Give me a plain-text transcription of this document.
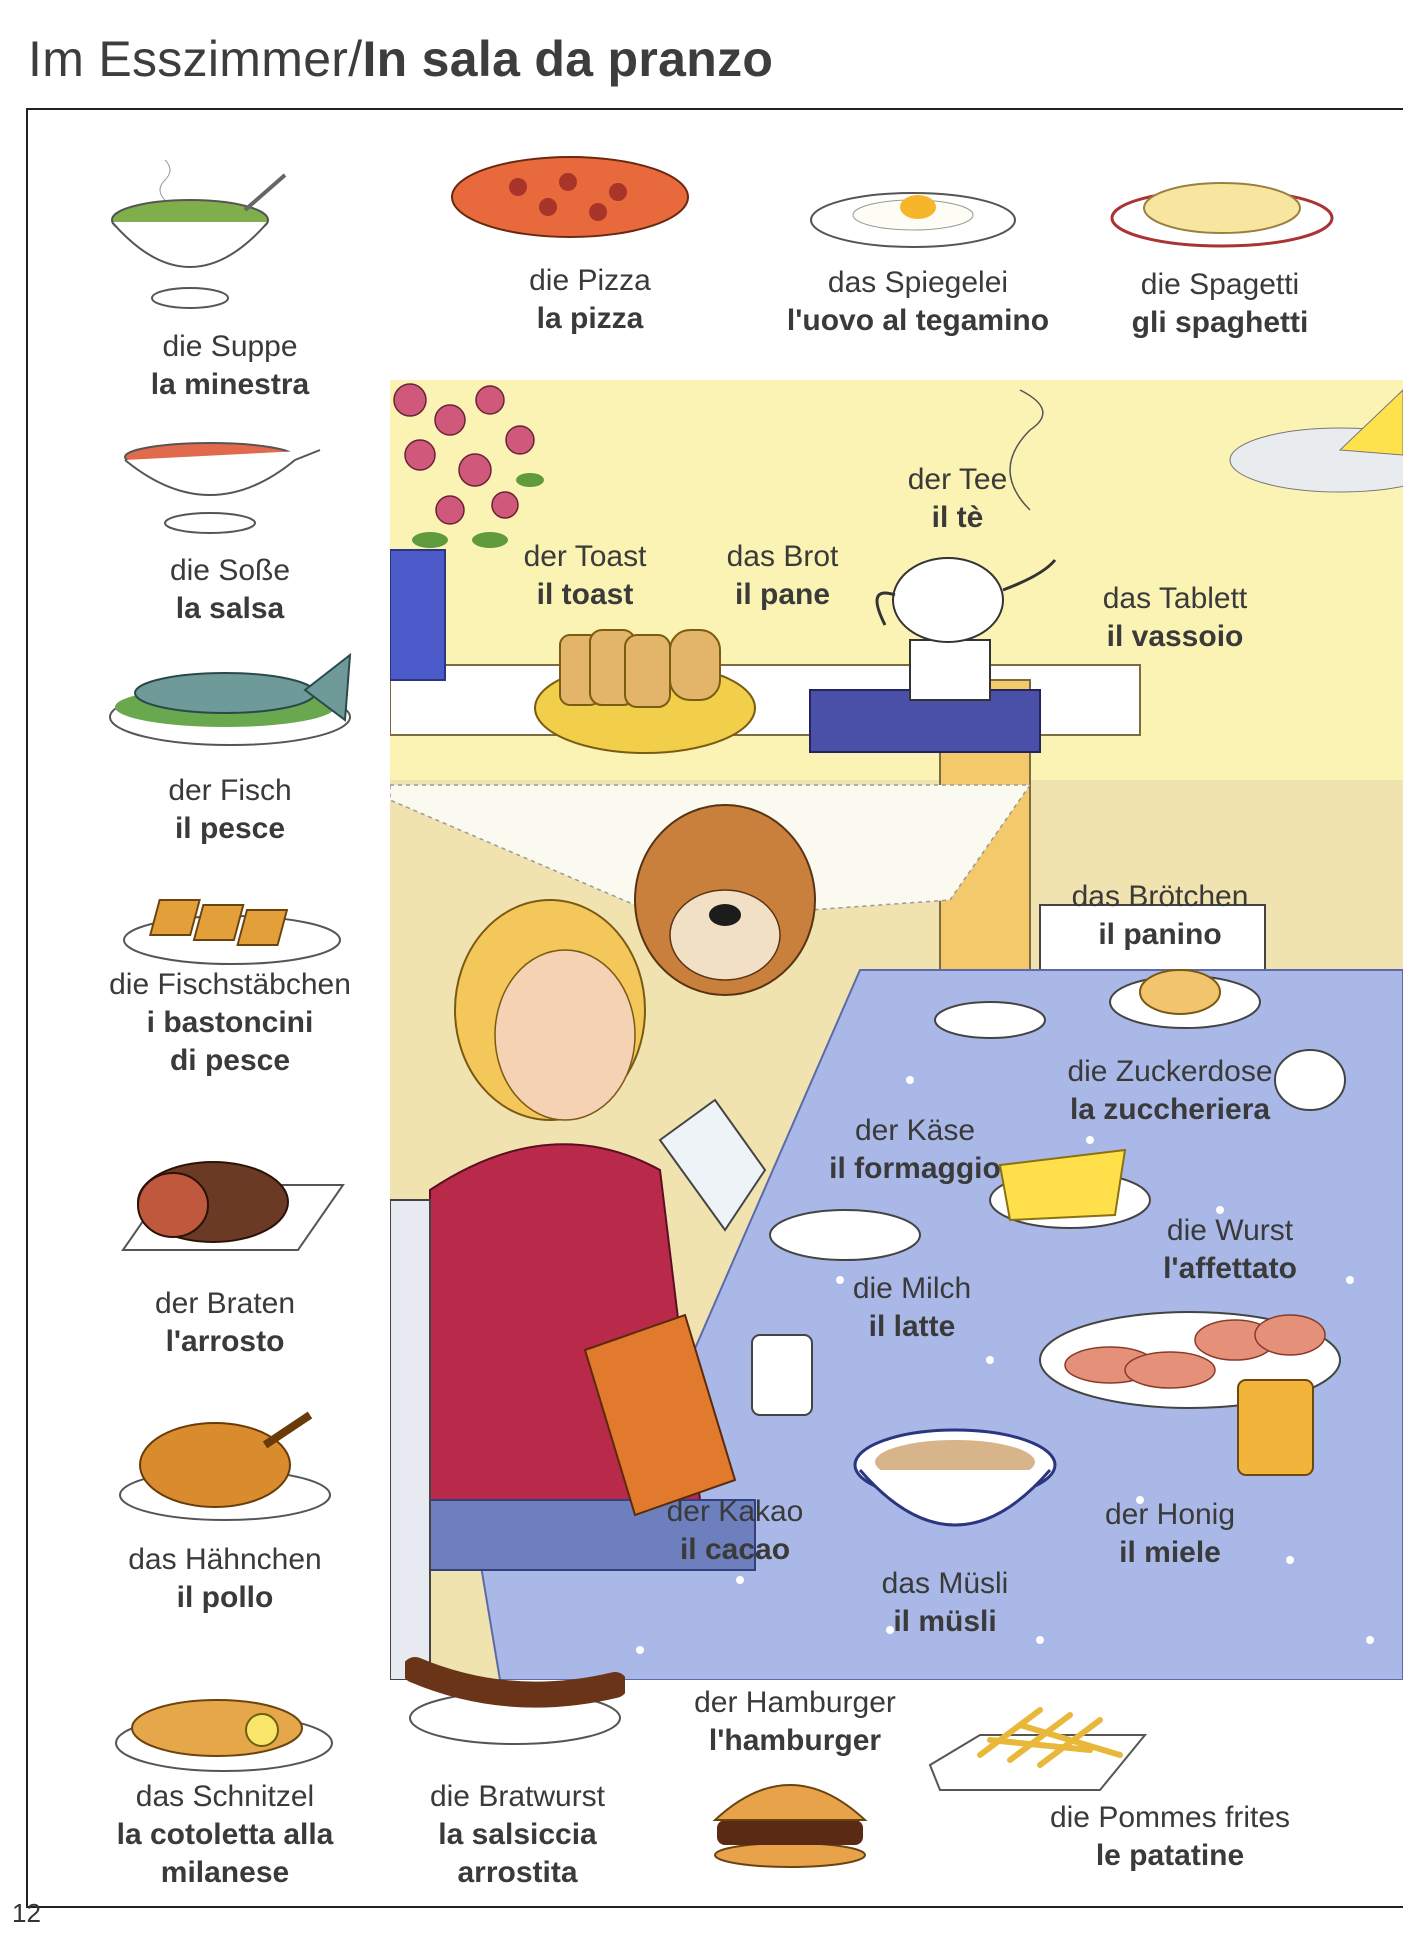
Im Esszimmer/In sala da pranzo
die Suppe
la minestra
die Pizza
la pizza
das Spiegelei
l'uovo al tegamino
die Spagetti
gli spaghetti
die Soße
la salsa
der Toast
il toast
das Brot
il pane
der Tee
il tè
das Tablett
il vassoio
der Fisch
il pesce
das Brötchen
il panino
die Fischstäbchen
i bastoncini
di pesce	die Zuckerdose
la zuccheriera
der Käse
il formaggio
die Wurst
l'affettato
der Braten
l'arrosto
die Milch
il latte
das Hähnchen
il pollo
der Kakao
il cacao
der Honig
il miele
das Müsli
il müsli
der Hamburger
l'hamburger
das Schnitzel
la cotoletta alla
milanese
die Bratwurst
la salsiccia
arrostita
die Pommes frites
le patatine
12
